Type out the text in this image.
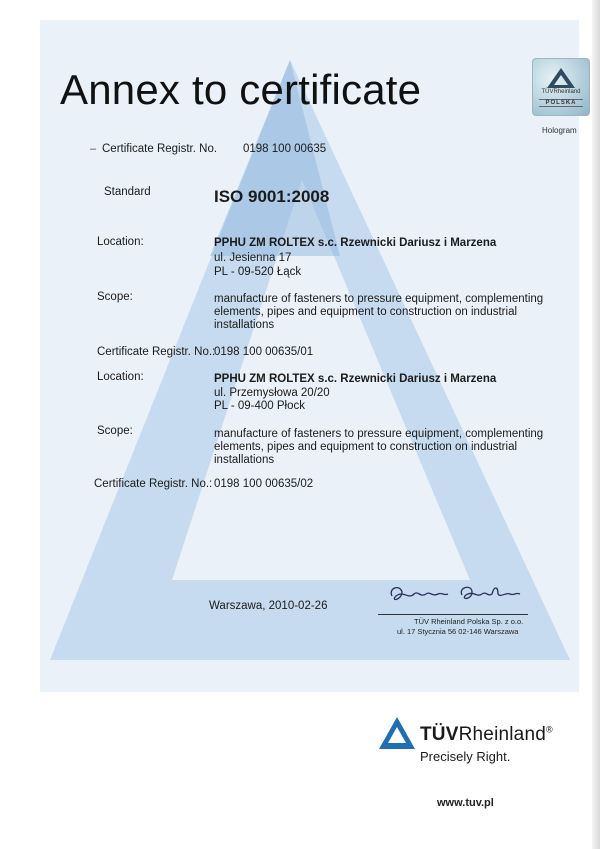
Annex to certificate
– Certificate Registr. No. 0198 100 00635
Standard	ISO 9001:2008
Location:	PPHU ZM ROLTEX s.c. Rzewnicki Dariusz i Marzena
ul. Jesienna 17
PL - 09-520 Łąck
Scope:	manufacture of fasteners to pressure equipment, complementing
elements, pipes and equipment to construction on industrial
installations
Certificate Registr. No.:
0198 100 00635/01
Location:	PPHU ZM ROLTEX s.c. Rzewnicki Dariusz i Marzena
ul. Przemysłowa 20/20
PL - 09-400 Płock
Scope:	manufacture of fasteners to pressure equipment, complementing
elements, pipes and equipment to construction on industrial
installations
Certificate Registr. No.: 0198 100 00635/02
Warszawa, 2010-02-26
TÜV Rheinland Polska Sp. z o.o.
ul. 17 Stycznia 56 02-146 Warszawa
TÜVRheinland
POLSKA
Hologram
TÜVRheinland®
Precisely Right.
www.tuv.pl
